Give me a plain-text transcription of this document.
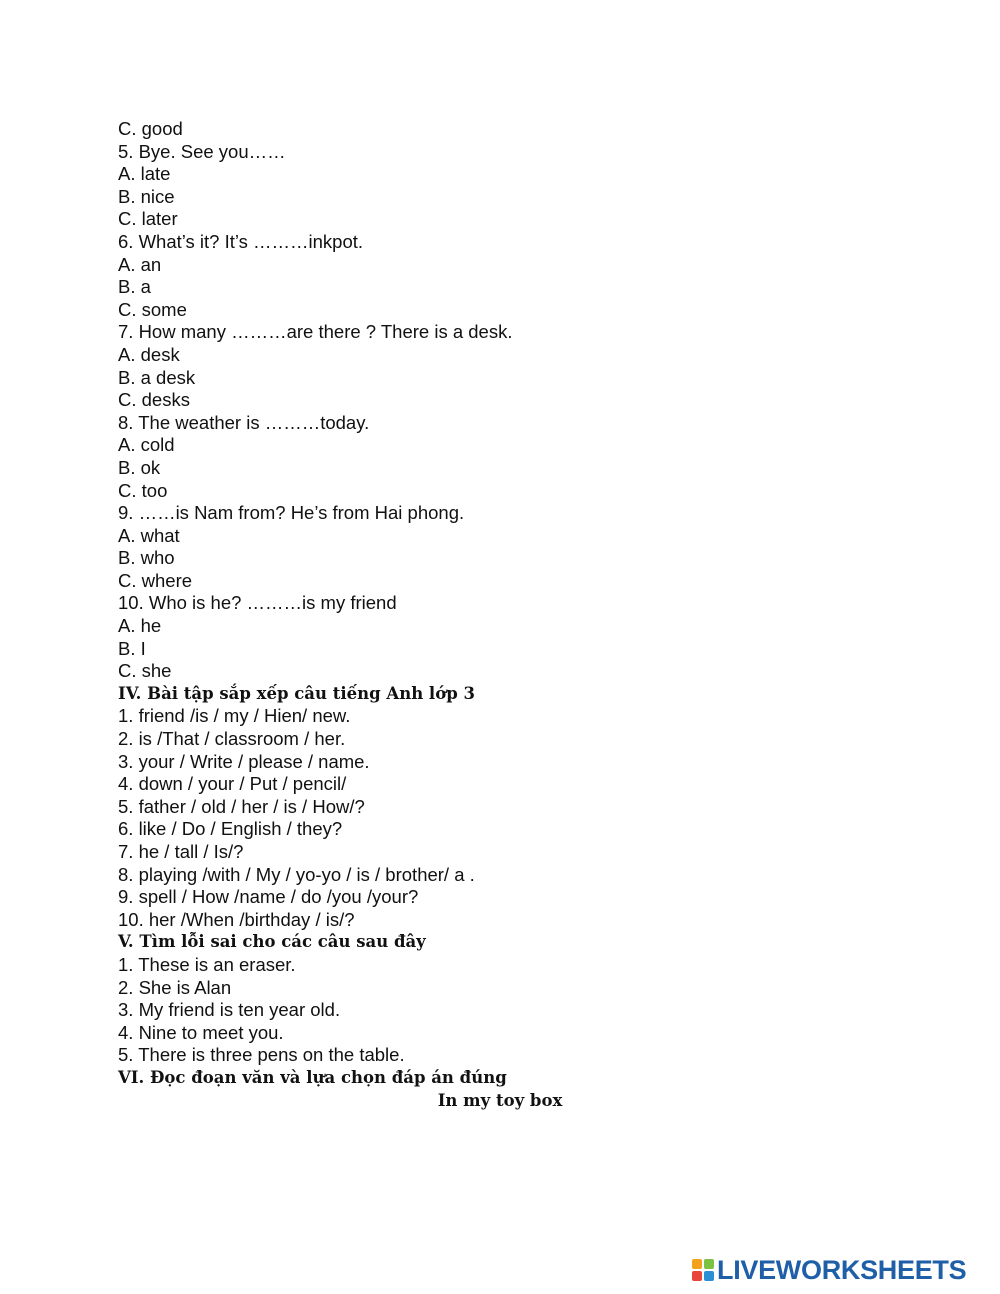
C. good
5. Bye. See you……
A. late
B. nice
C. later
6. What’s it? It’s ………inkpot.
A. an
B. a
C. some
7. How many ………are there ? There is a desk.
A. desk
B. a desk
C. desks
8. The weather is ………today.
A. cold
B. ok
C. too
9. ……is Nam from? He’s from Hai phong.
A. what
B. who
C. where
10. Who is he? ………is my friend
A. he
B. I
C. she
IV. Bài tập sắp xếp câu tiếng Anh lớp 3
1. friend /is / my / Hien/ new.
2. is /That / classroom / her.
3. your / Write / please / name.
4. down / your / Put / pencil/
5. father / old / her / is / How/?
6. like / Do / English / they?
7. he / tall / Is/?
8. playing /with / My / yo-yo / is / brother/ a .
9. spell / How /name / do /you /your?
10. her /When /birthday / is/?
V. Tìm lỗi sai cho các câu sau đây
1. These is an eraser.
2. She is Alan
3. My friend is ten year old.
4. Nine to meet you.
5. There is three pens on the table.
VI. Đọc đoạn văn và lựa chọn đáp án đúng
In my toy box
LIVEWORKSHEETS
